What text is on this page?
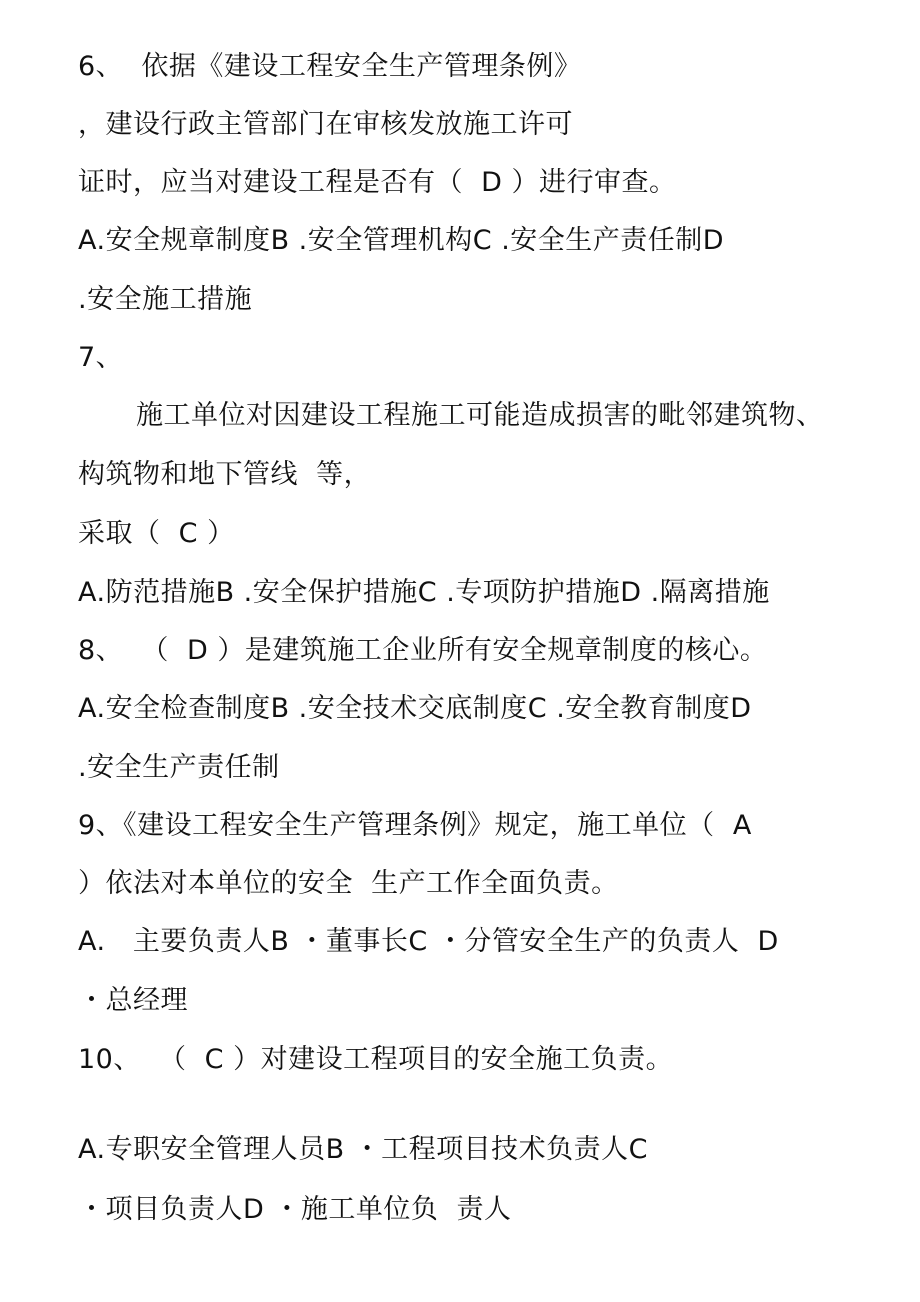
6、  依据《建设工程安全生产管理条例》
，建设行政主管部门在审核发放施工许可
证时，应当对建设工程是否有（  D ）进行审查。
A.安全规章制度B .安全管理机构C .安全生产责任制D
.安全施工措施
7、
施工单位对因建设工程施工可能造成损害的毗邻建筑物、
构筑物和地下管线  等，
采取（  C ）
A.防范措施B .安全保护措施C .专项防护措施D .隔离措施
8、  （  D ）是建筑施工企业所有安全规章制度的核心。
A.安全检查制度B .安全技术交底制度C .安全教育制度D
.安全生产责任制
9、《建设工程安全生产管理条例》规定，施工单位（  A
）依法对本单位的安全  生产工作全面负责。
A.   主要负责人B ・董事长C ・分管安全生产的负责人  D
・总经理
10、  （  C ）对建设工程项目的安全施工负责。
A.专职安全管理人员B ・工程项目技术负责人C
・项目负责人D ・施工单位负  责人
